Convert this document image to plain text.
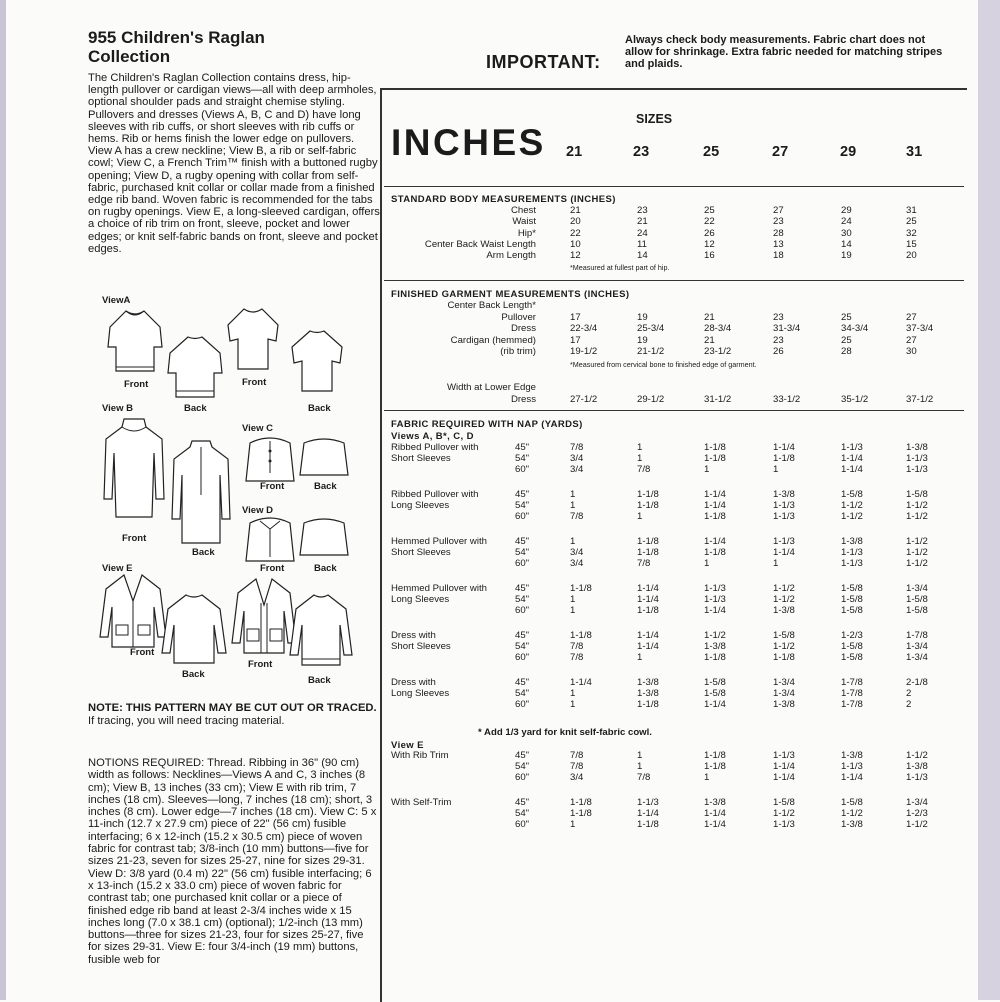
955 Children's Raglan
Collection

The Children's Raglan Collection contains dress, hip-length pullover or cardigan views—all with deep armholes, optional shoulder pads and straight chemise styling. Pullovers and dresses (Views A, B, C and D) have long sleeves with rib cuffs, or short sleeves with rib cuffs or hems. Rib or hems finish the lower edge on pullovers. View A has a crew neckline; View B, a rib or self-fabric cowl; View C, a French Trim™ finish with a buttoned rugby opening; View D, a rugby opening with collar from self-fabric, purchased knit collar or collar made from a finished edge rib band. Woven fabric is recommended for the tabs on rugby openings. View E, a long-sleeved cardigan, offers a choice of rib trim on front, sleeve, pocket and lower edges; or knit self-fabric bands on front, sleeve and pocket edges.

ViewA
View B
View C
View D
View E
Front
Back
Front
Back
Front
Back
Front	Back
Front	Back
Front
Back
Front
Back

NOTE: THIS PATTERN MAY BE CUT OUT OR TRACED. If tracing, you will need tracing material.

NOTIONS REQUIRED: Thread. Ribbing in 36" (90 cm) width as follows: Necklines—Views A and C, 3 inches (8 cm); View B, 13 inches (33 cm); View E with rib trim, 7 inches (18 cm). Sleeves—long, 7 inches (18 cm); short, 3 inches (8 cm). Lower edge—7 inches (18 cm). View C: 5 x 11-inch (12.7 x 27.9 cm) piece of 22" (56 cm) fusible interfacing; 6 x 12-inch (15.2 x 30.5 cm) piece of woven fabric for contrast tab; 3/8-inch (10 mm) buttons—five for sizes 21-23, seven for sizes 25-27, nine for sizes 29-31. View D: 3/8 yard (0.4 m) 22" (56 cm) fusible interfacing; 6 x 13-inch (15.2 x 33.0 cm) piece of woven fabric for contrast tab; one purchased knit collar or a piece of finished edge rib band at least 2-3/4 inches wide x 15 inches long (7.0 x 38.1 cm) (optional); 1/2-inch (13 mm) buttons—three for sizes 21-23, four for sizes 25-27, five for sizes 29-31. View E: four 3/4-inch (19 mm) buttons, fusible web for

IMPORTANT:

Always check body measurements. Fabric chart does not allow for shrinkage. Extra fabric needed for matching stripes and plaids.

SIZES
INCHES 21	23	25	27	29	31
STANDARD BODY MEASUREMENTS (INCHES)
Chest	21	23	25	27	29	31
Waist	20	21	22	23	24	25
Hip*	22	24	26	28	30	32
Center Back Waist Length	10	11	12	13	14	15
Arm Length	12	14	16	18	19	20
*Measured at fullest part of hip.
FINISHED GARMENT MEASUREMENTS (INCHES)
Center Back Length*
Pullover	17	19	21	23	25	27
Dress	22-3/4	25-3/4	28-3/4	31-3/4	34-3/4	37-3/4
Cardigan (hemmed)	17	19	21	23	25	27
(rib trim)	19-1/2	21-1/2	23-1/2	26	28	30
*Measured from cervical bone to finished edge of garment.
Width at Lower Edge
Dress	27-1/2	29-1/2	31-1/2	33-1/2	35-1/2	37-1/2
FABRIC REQUIRED WITH NAP (YARDS)
Views A, B*, C, D
Ribbed Pullover with
Short Sleeves
45"	7/8	1	1-1/8	1-1/4	1-1/3	1-3/8
54"	3/4	1	1-1/8	1-1/8	1-1/4	1-1/3
60"	3/4	7/8	1	1	1-1/4	1-1/3
Ribbed Pullover with
Long Sleeves
45"	1	1-1/8	1-1/4	1-3/8	1-5/8	1-5/8
54"	1	1-1/8	1-1/4	1-1/3	1-1/2	1-1/2
60"	7/8	1	1-1/8	1-1/3	1-1/2	1-1/2
Hemmed Pullover with
Short Sleeves
45"	1	1-1/8	1-1/4	1-1/3	1-3/8	1-1/2
54"	3/4	1-1/8	1-1/8	1-1/4	1-1/3	1-1/2
60"	3/4	7/8	1	1	1-1/3	1-1/2
Hemmed Pullover with
Long Sleeves
45"	1-1/8	1-1/4	1-1/3	1-1/2	1-5/8	1-3/4
54"	1	1-1/4	1-1/3	1-1/2	1-5/8	1-5/8
60"	1	1-1/8	1-1/4	1-3/8	1-5/8	1-5/8
Dress with
Short Sleeves
45"	1-1/8	1-1/4	1-1/2	1-5/8	1-2/3	1-7/8
54"	7/8	1-1/4	1-3/8	1-1/2	1-5/8	1-3/4
60"	7/8	1	1-1/8	1-1/8	1-5/8	1-3/4
Dress with
Long Sleeves
45"	1-1/4	1-3/8	1-5/8	1-3/4	1-7/8	2-1/8
54"	1	1-3/8	1-5/8	1-3/4	1-7/8	2
60"	1	1-1/8	1-1/4	1-3/8	1-7/8	2
* Add 1/3 yard for knit self-fabric cowl.
View E
With Rib Trim	45"	7/8	1	1-1/8	1-1/3	1-3/8	1-1/2
54"	7/8	1	1-1/8	1-1/4	1-1/3	1-3/8
60"	3/4	7/8	1	1-1/4	1-1/4	1-1/3
With Self-Trim	45"	1-1/8	1-1/3	1-3/8	1-5/8	1-5/8	1-3/4
54"	1-1/8	1-1/4	1-1/4	1-1/2	1-1/2	1-2/3
60"	1	1-1/8	1-1/4	1-1/3	1-3/8	1-1/2
